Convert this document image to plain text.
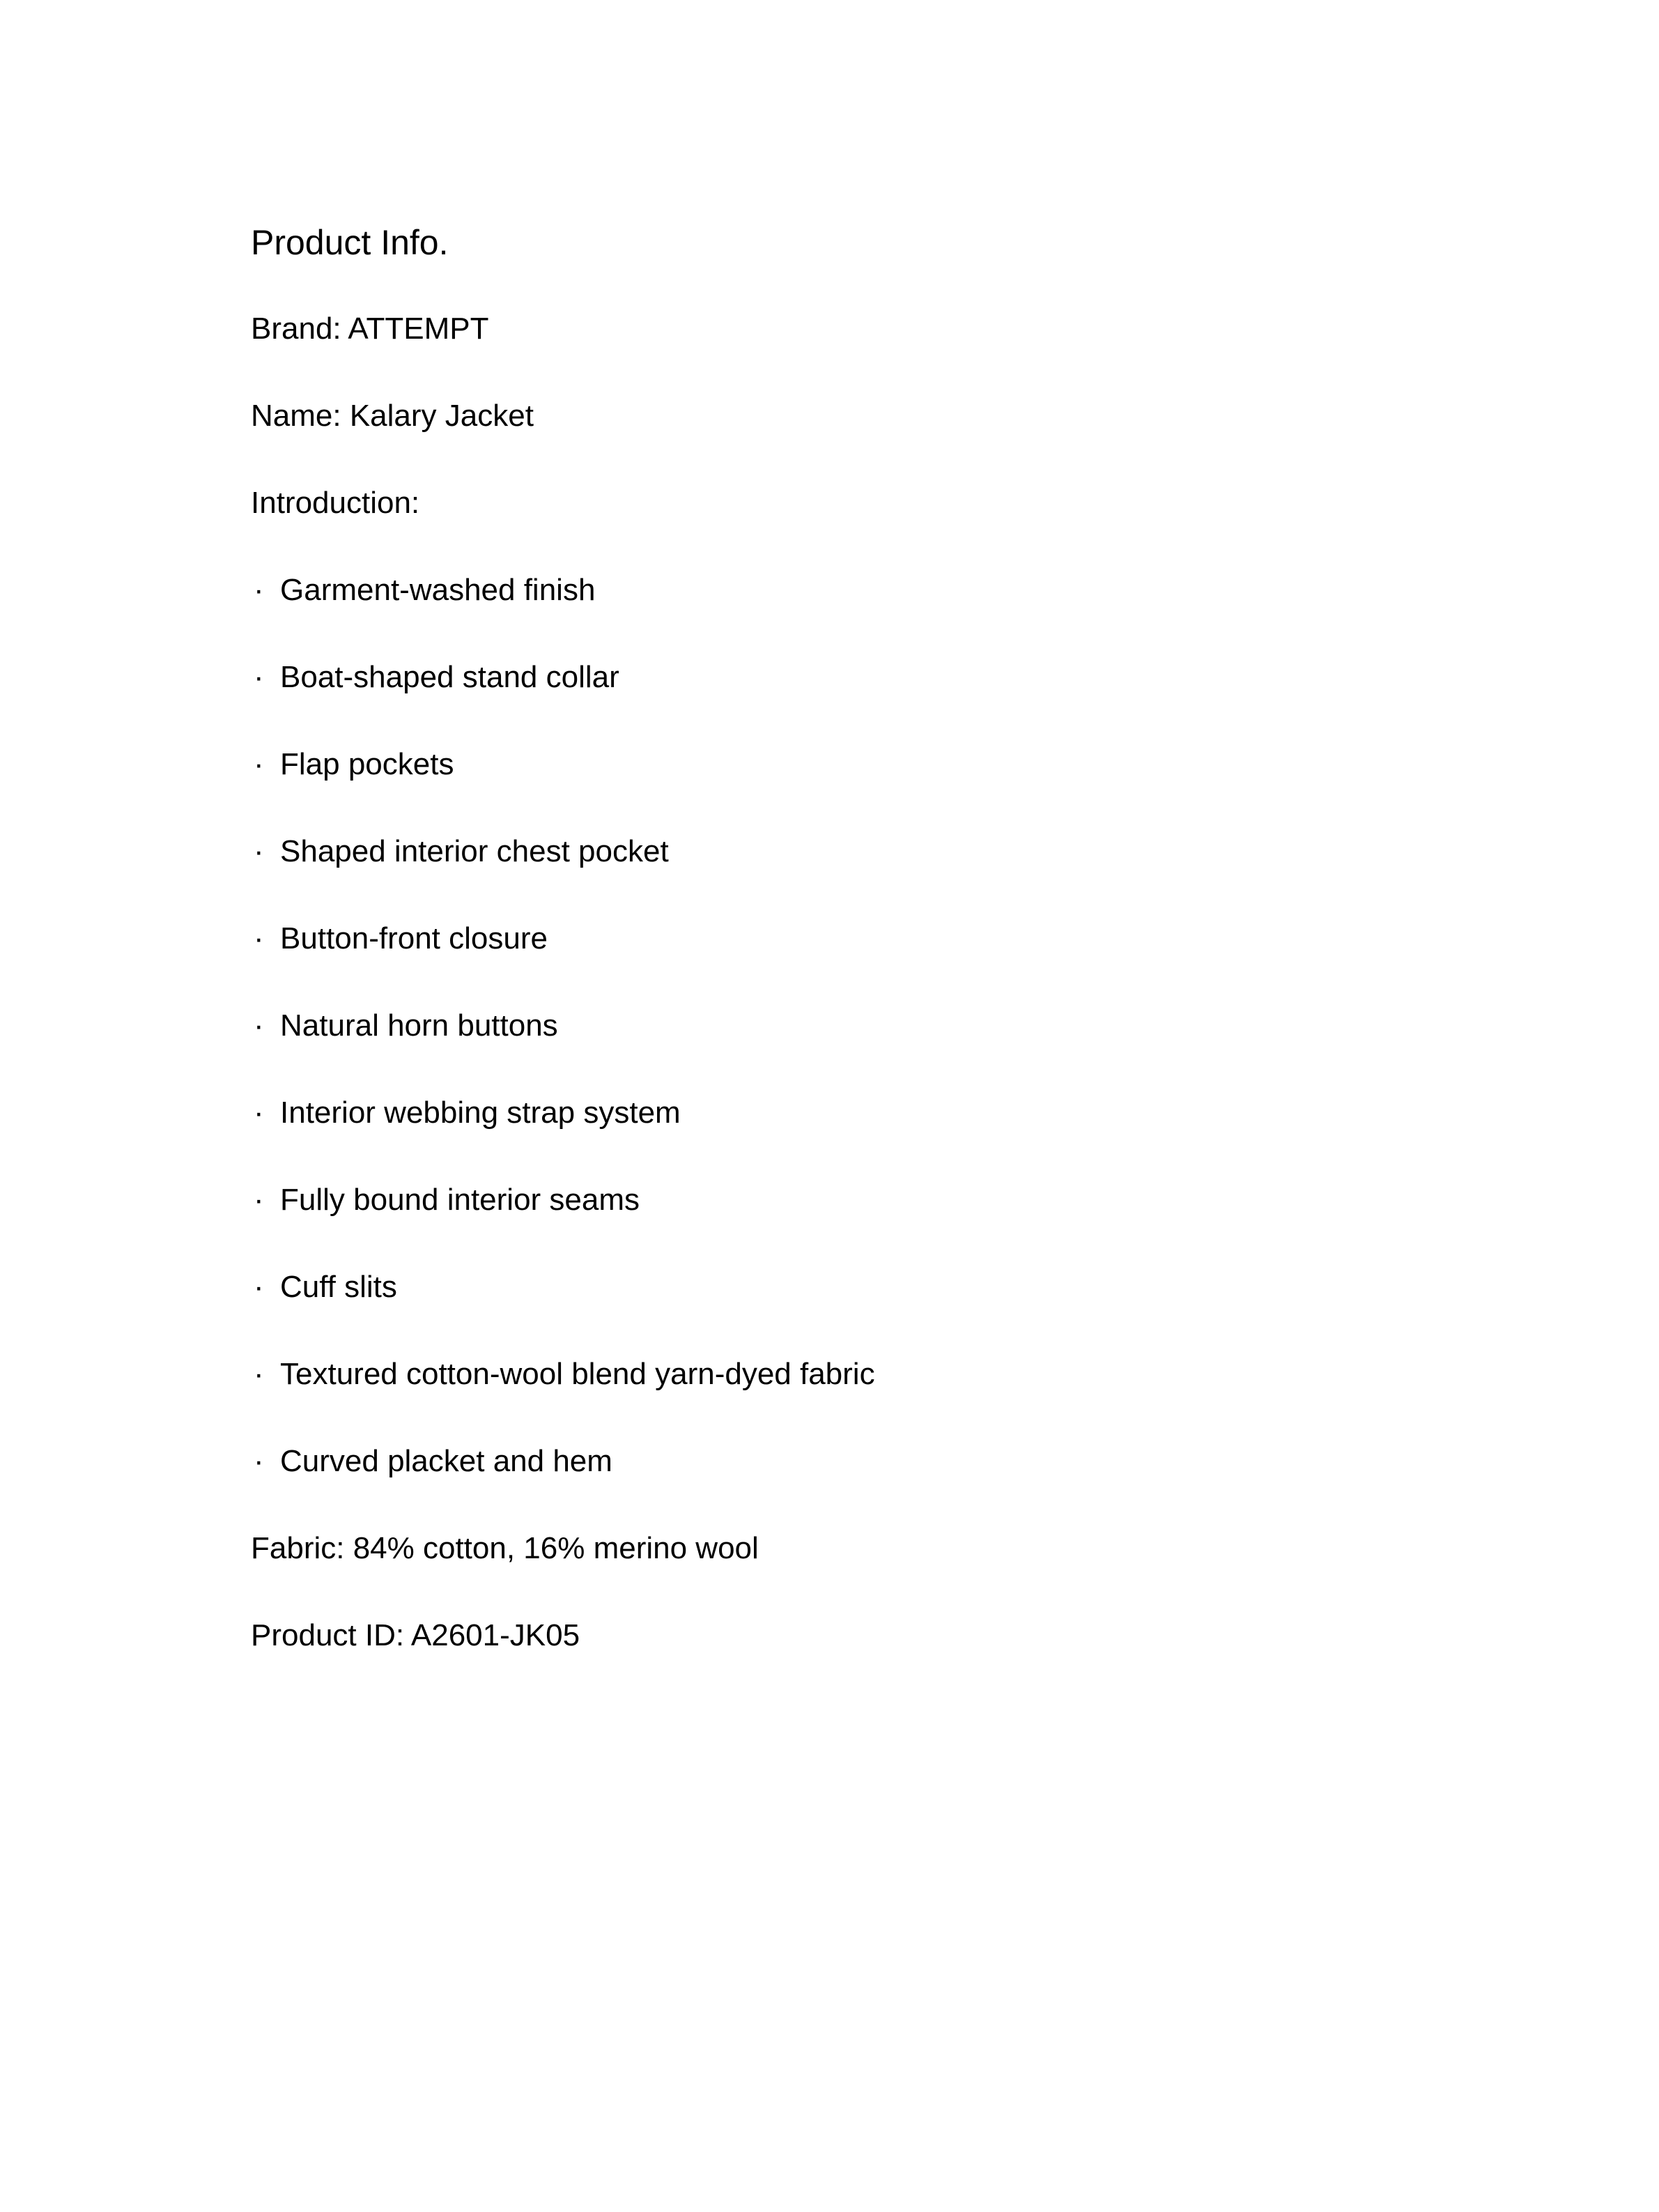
Product Info.
Brand: ATTEMPT
Name: Kalary Jacket
Introduction:
· Garment-washed finish
· Boat-shaped stand collar
· Flap pockets
· Shaped interior chest pocket
· Button-front closure
· Natural horn buttons
· Interior webbing strap system
· Fully bound interior seams
· Cuff slits
· Textured cotton-wool blend yarn-dyed fabric
· Curved placket and hem
Fabric: 84% cotton, 16% merino wool
Product ID: A2601-JK05
